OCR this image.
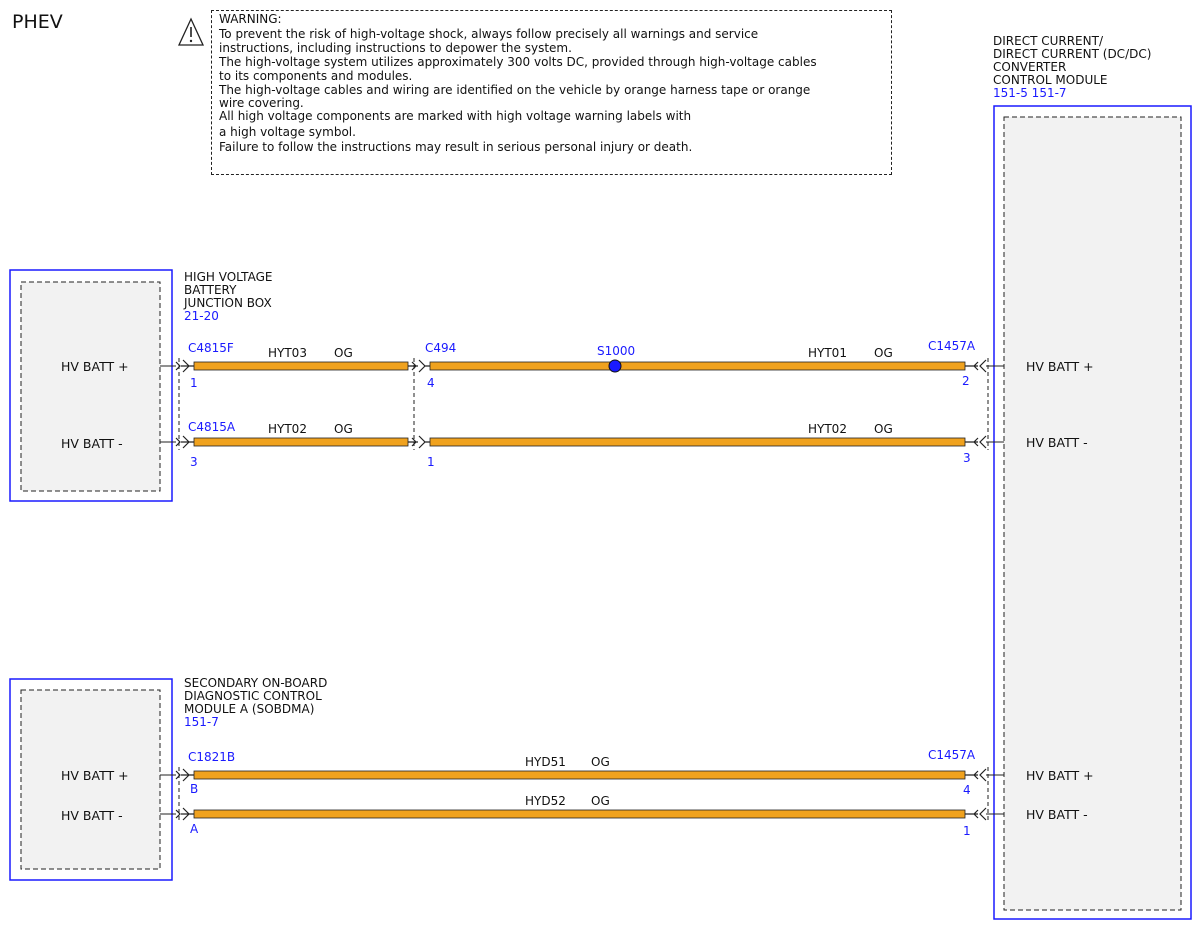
PHEV	WARNING:
To prevent the risk of high-voltage shock, always follow precisely all warnings and service
instructions, including instructions to depower the system.
The high-voltage system utilizes approximately 300 volts DC, provided through high-voltage cables
to its components and modules.
The high-voltage cables and wiring are identified on the vehicle by orange harness tape or orange
wire covering.
All high voltage components are marked with high voltage warning labels with
a high voltage symbol.
Failure to follow the instructions may result in serious personal injury or death.
HIGH VOLTAGE
BATTERY
JUNCTION BOX
21-20
HV BATT +
HV BATT -
DIRECT CURRENT/
DIRECT CURRENT (DC/DC)
CONVERTER
CONTROL MODULE
151-5 151-7
HV BATT +
HV BATT -
HV BATT +
HV BATT -
SECONDARY ON-BOARD
DIAGNOSTIC CONTROL
MODULE A (SOBDMA)
151-7
HV BATT +
HV BATT -
C4815F
1
C4815A
3
C494
4
1
S1000	C1457A
2
3
C1821B
B
A
C1457A
4
1
HYT03 OG	HYT01 OG
HYT02 OG	HYT02 OG
HYD51 OG
HYD52 OG
